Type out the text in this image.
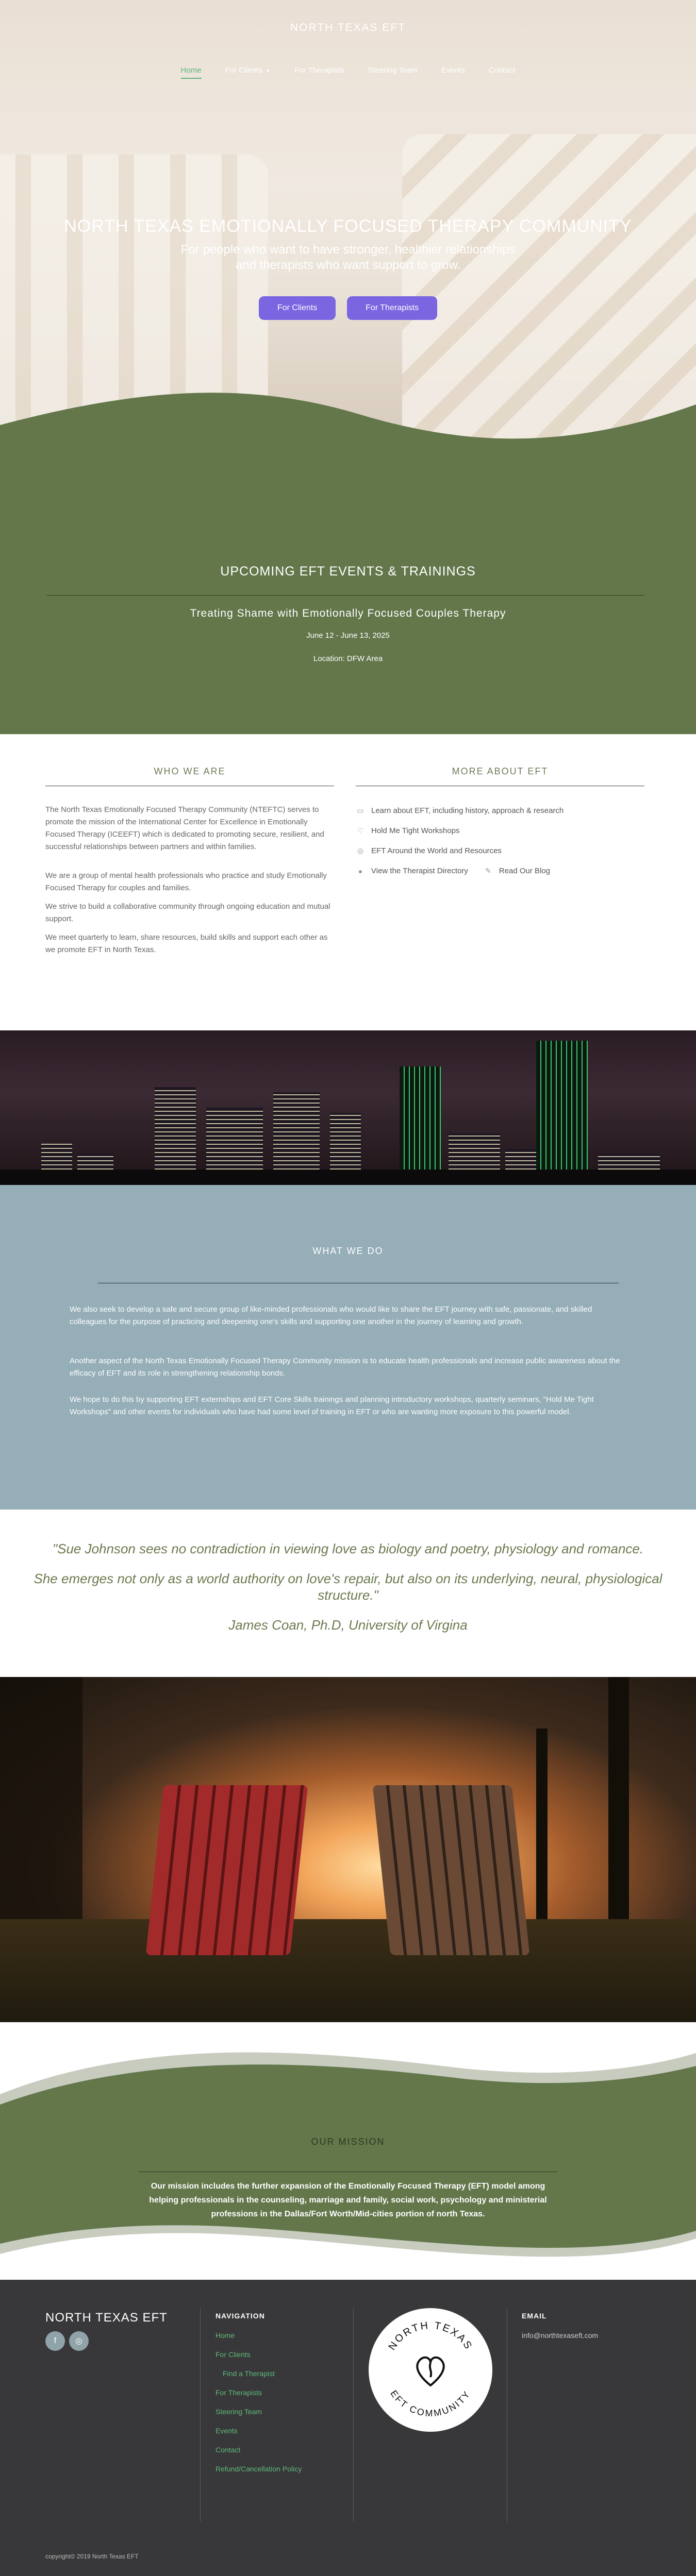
NORTH TEXAS EFT
Home	For Clients ▼	For Therapists	Steering Team	Events	Contact
NORTH TEXAS EMOTIONALLY FOCUSED THERAPY COMMUNITY
For people who want to have stronger, healthier relationships and therapists who want support to grow.
For Clients	For Therapists
UPCOMING EFT EVENTS & TRAININGS
Treating Shame with Emotionally Focused Couples Therapy
June 12 - June 13, 2025
Location: DFW Area
WHO WE ARE	MORE ABOUT EFT

The North Texas Emotionally Focused Therapy Community (NTEFTC) serves to promote the mission of the International Center for Excellence in Emotionally Focused Therapy (ICEEFT) which is dedicated to promoting secure, resilient, and successful relationships between partners and within families.

We are a group of mental health professionals who practice and study Emotionally Focused Therapy for couples and families.

We strive to build a collaborative community through ongoing education and mutual support.

We meet quarterly to learn, share resources, build skills and support each other as we promote EFT in North Texas.

▭ Learn about EFT, including history, approach & research
♡ Hold Me Tight Workshops
◎ EFT Around the World and Resources
●	View the Therapist Directory ✎ Read Our Blog
WHAT WE DO

We also seek to develop a safe and secure group of like-minded professionals who would like to share the EFT journey with safe, passionate, and skilled colleagues for the purpose of practicing and deepening one's skills and supporting one another in the journey of learning and growth.

Another aspect of the North Texas Emotionally Focused Therapy Community mission is to educate health professionals and increase public awareness about the efficacy of EFT and its role in strengthening relationship bonds.

We hope to do this by supporting EFT externships and EFT Core Skills trainings and planning introductory workshops, quarterly seminars, "Hold Me Tight Workshops" and other events for individuals who have had some level of training in EFT or who are wanting more exposure to this powerful model.

"Sue Johnson sees no contradiction in viewing love as biology and poetry, physiology and romance.
She emerges not only as a world authority on love's repair, but also on its underlying, neural, physiological structure."
James Coan, Ph.D, University of Virgina
OUR MISSION

Our mission includes the further expansion of the Emotionally Focused Therapy (EFT) model among helping professionals in the counseling, marriage and family, social work, psychology and ministerial professions in the Dallas/Fort Worth/Mid-cities portion of north Texas.

NORTH TEXAS EFT
f	◎
NAVIGATION
Home
For Clients
Find a Therapist
For Therapists
Steering Team
Events
Contact
Refund/Cancellation Policy
NORTH TEXAS
EFT COMMUNITY
EMAIL
info@northtexaseft.com
copyright© 2019 North Texas EFT
